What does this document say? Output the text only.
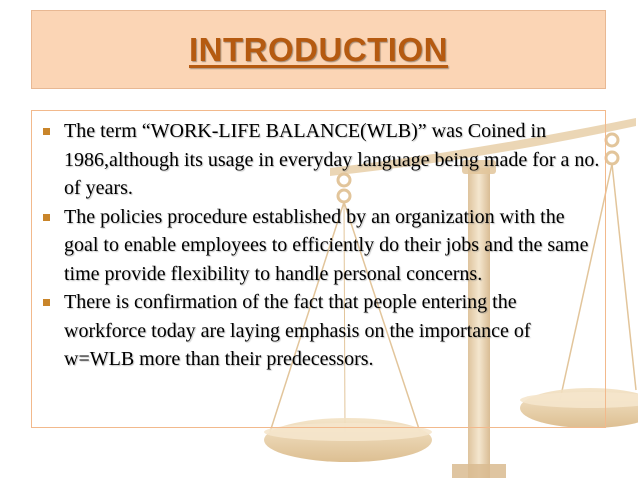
INTRODUCTION
The term “WORK-LIFE BALANCE(WLB)” was Coined in 1986,although its usage in everyday language being made for a no. of years.
The policies procedure established by an organization with the goal to enable employees to efficiently do their jobs and the same time provide flexibility to handle personal concerns.
There is confirmation of the fact that people entering the workforce today are laying emphasis on the importance of w=WLB more than their predecessors.
